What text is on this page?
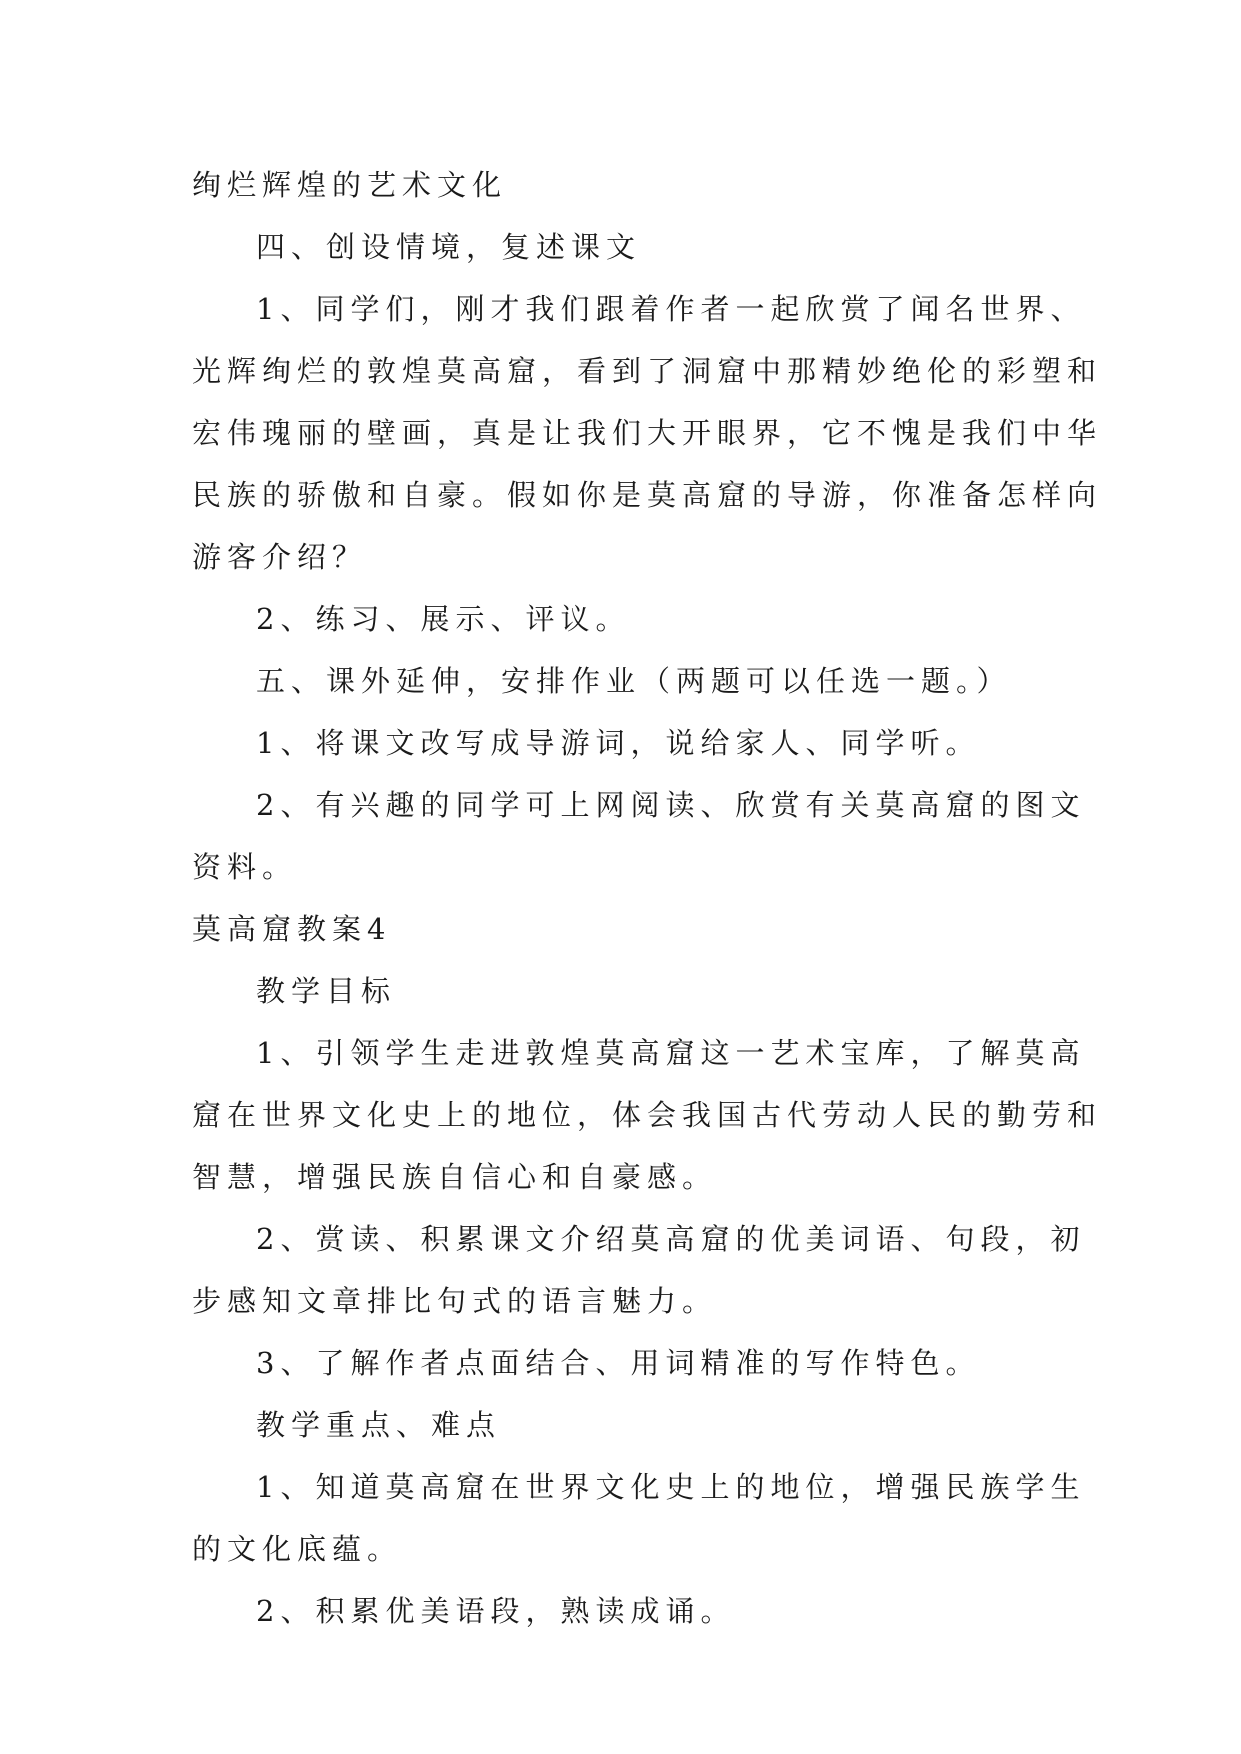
绚烂辉煌的艺术文化
四、创设情境，复述课文
1、同学们，刚才我们跟着作者一起欣赏了闻名世界、
光辉绚烂的敦煌莫高窟，看到了洞窟中那精妙绝伦的彩塑和
宏伟瑰丽的壁画，真是让我们大开眼界，它不愧是我们中华
民族的骄傲和自豪。假如你是莫高窟的导游，你准备怎样向
游客介绍？
2、练习、展示、评议。
五、课外延伸，安排作业（两题可以任选一题。）
1、将课文改写成导游词，说给家人、同学听。
2、有兴趣的同学可上网阅读、欣赏有关莫高窟的图文
资料。
莫高窟教案4
教学目标
1、引领学生走进敦煌莫高窟这一艺术宝库，了解莫高
窟在世界文化史上的地位，体会我国古代劳动人民的勤劳和
智慧，增强民族自信心和自豪感。
2、赏读、积累课文介绍莫高窟的优美词语、句段，初
步感知文章排比句式的语言魅力。
3、了解作者点面结合、用词精准的写作特色。
教学重点、难点
1、知道莫高窟在世界文化史上的地位，增强民族学生
的文化底蕴。
2、积累优美语段，熟读成诵。
